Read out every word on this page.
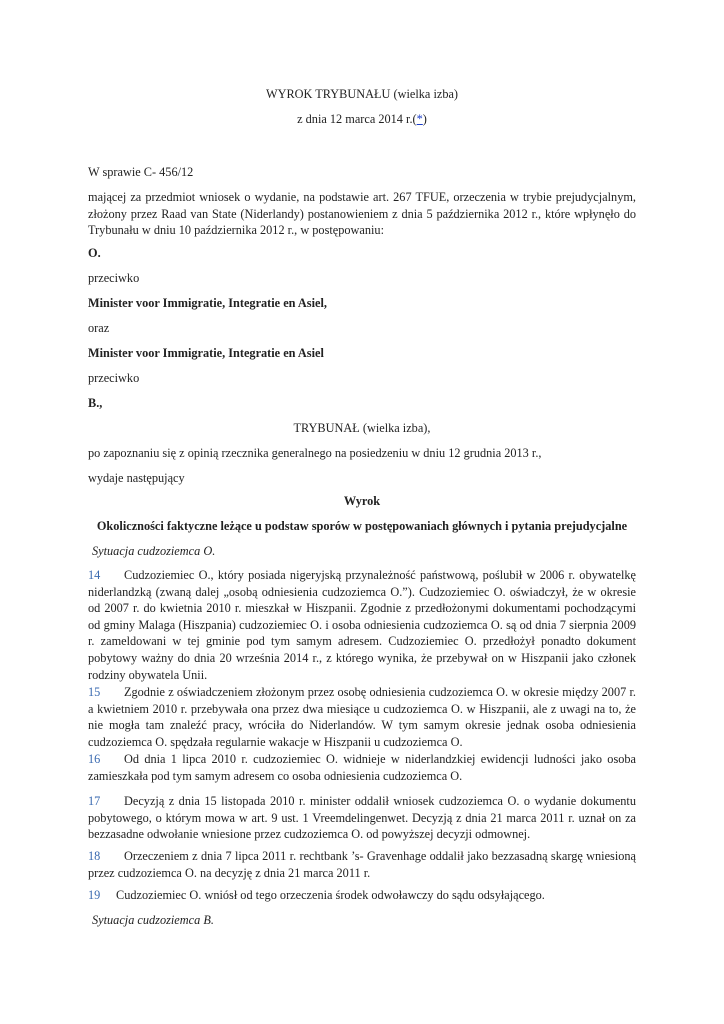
WYROK TRYBUNAŁU (wielka izba)
z dnia 12 marca 2014 r.(*)
W sprawie C- 456/12
mającej za przedmiot wniosek o wydanie, na podstawie art. 267 TFUE, orzeczenia w trybie prejudycjalnym, złożony przez Raad van State (Niderlandy) postanowieniem z dnia 5 października 2012 r., które wpłynęło do Trybunału w dniu 10 października 2012 r., w postępowaniu:
O.
przeciwko
Minister voor Immigratie, Integratie en Asiel,
oraz
Minister voor Immigratie, Integratie en Asiel
przeciwko
B.,
TRYBUNAŁ (wielka izba),
po zapoznaniu się z opinią rzecznika generalnego na posiedzeniu w dniu 12 grudnia 2013 r.,
wydaje następujący
Wyrok
Okoliczności faktyczne leżące u podstaw sporów w postępowaniach głównych i pytania prejudycjalne
Sytuacja cudzoziemca O.
14 Cudzoziemiec O., który posiada nigeryjską przynależność państwową, poślubił w 2006 r. obywatelkę niderlandzką (zwaną dalej „osobą odniesienia cudzoziemca O.”). Cudzoziemiec O. oświadczył, że w okresie od 2007 r. do kwietnia 2010 r. mieszkał w Hiszpanii. Zgodnie z przedłożonymi dokumentami pochodzącymi od gminy Malaga (Hiszpania) cudzoziemiec O. i osoba odniesienia cudzoziemca O. są od dnia 7 sierpnia 2009 r. zameldowani w tej gminie pod tym samym adresem. Cudzoziemiec O. przedłożył ponadto dokument pobytowy ważny do dnia 20 września 2014 r., z którego wynika, że przebywał on w Hiszpanii jako członek rodziny obywatela Unii.
15 Zgodnie z oświadczeniem złożonym przez osobę odniesienia cudzoziemca O. w okresie między 2007 r. a kwietniem 2010 r. przebywała ona przez dwa miesiące u cudzoziemca O. w Hiszpanii, ale z uwagi na to, że nie mogła tam znaleźć pracy, wróciła do Niderlandów. W tym samym okresie jednak osoba odniesienia cudzoziemca O. spędzała regularnie wakacje w Hiszpanii u cudzoziemca O.
16 Od dnia 1 lipca 2010 r. cudzoziemiec O. widnieje w niderlandzkiej ewidencji ludności jako osoba zamieszkała pod tym samym adresem co osoba odniesienia cudzoziemca O.
17 Decyzją z dnia 15 listopada 2010 r. minister oddalił wniosek cudzoziemca O. o wydanie dokumentu pobytowego, o którym mowa w art. 9 ust. 1 Vreemdelingenwet. Decyzją z dnia 21 marca 2011 r. uznał on za bezzasadne odwołanie wniesione przez cudzoziemca O. od powyższej decyzji odmownej.
18 Orzeczeniem z dnia 7 lipca 2011 r. rechtbank ’s- Gravenhage oddalił jako bezzasadną skargę wniesioną przez cudzoziemca O. na decyzję z dnia 21 marca 2011 r.
19 Cudzoziemiec O. wniósł od tego orzeczenia środek odwoławczy do sądu odsyłającego.
Sytuacja cudzoziemca B.
